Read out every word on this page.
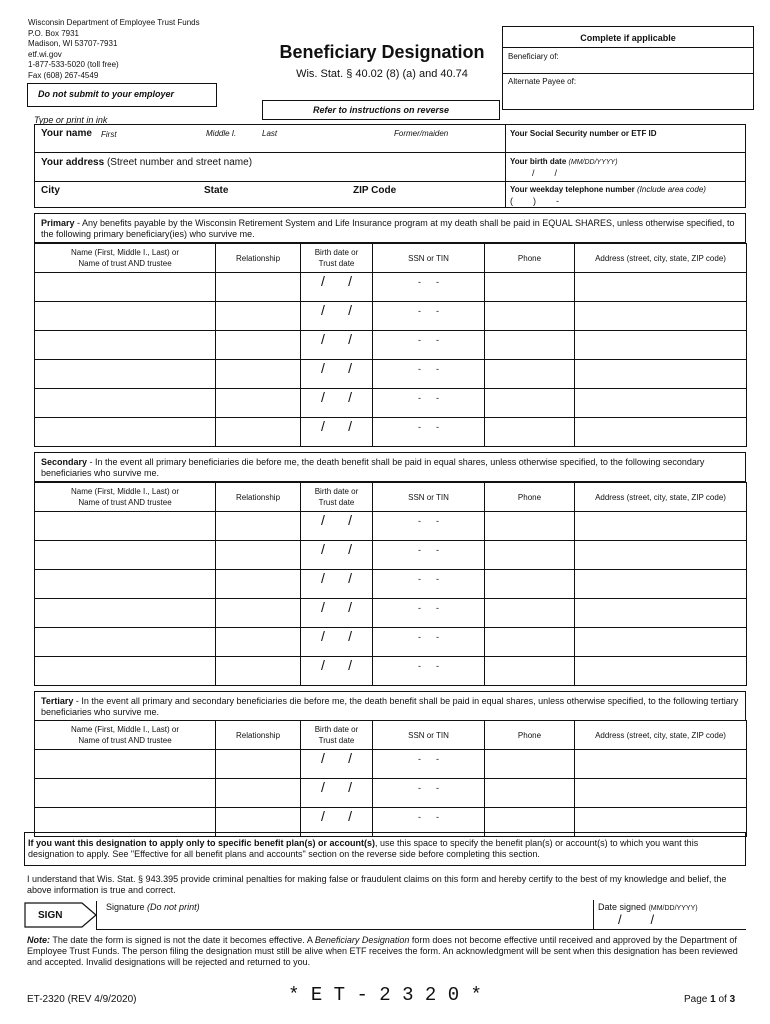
Wisconsin Department of Employee Trust Funds
P.O. Box 7931
Madison, WI 53707-7931
etf.wi.gov
1-877-533-5020 (toll free)
Fax (608) 267-4549
Beneficiary Designation
Wis. Stat. § 40.02 (8) (a) and 40.74
Do not submit to your employer
Refer to instructions on reverse
Type or print in ink
Complete if applicable
Beneficiary of:
Alternate Payee of:
Your name First	Middle I.	Last	Former/maiden	Your Social Security number or ETF ID
Your address (Street number and street name)	Your birth date (MM/DD/YYYY)
/        /
City	State	ZIP Code	Your weekday telephone number (Include area code)
(        )        -
Primary - Any benefits payable by the Wisconsin Retirement System and Life Insurance program at my death shall be paid in EQUAL SHARES, unless otherwise specified, to the following primary beneficiary(ies) who survive me.
Name (First, Middle I., Last) or
Name of trust AND trustee	Relationship	Birth date or
Trust date	SSN or TIN	Phone	Address (street, city, state, ZIP code)
		/      /	-      -		

		/      /	-      -		

		/      /	-      -		

		/      /	-      -		

		/      /	-      -		

		/      /	-      -		

Secondary - In the event all primary beneficiaries die before me, the death benefit shall be paid in equal shares, unless otherwise specified, to the following secondary beneficiaries who survive me.
Name (First, Middle I., Last) or
Name of trust AND trustee	Relationship	Birth date or
Trust date	SSN or TIN	Phone	Address (street, city, state, ZIP code)
		/      /	-      -		

		/      /	-      -		

		/      /	-      -		

		/      /	-      -		

		/      /	-      -		

		/      /	-      -		

Tertiary - In the event all primary and secondary beneficiaries die before me, the death benefit shall be paid in equal shares, unless otherwise specified, to the following tertiary beneficiaries who survive me.
Name (First, Middle I., Last) or
Name of trust AND trustee	Relationship	Birth date or
Trust date	SSN or TIN	Phone	Address (street, city, state, ZIP code)
		/      /	-      -		

		/      /	-      -		

		/      /	-      -		

If you want this designation to apply only to specific benefit plan(s) or account(s), use this space to specify the benefit plan(s) or account(s) to which you want this designation to apply. See "Effective for all benefit plans and accounts" section on the reverse side before completing this section.
I understand that Wis. Stat. § 943.395 provide criminal penalties for making false or fraudulent claims on this form and hereby certify to the best of my knowledge and belief, the above information is true and correct.
SIGN
Signature (Do not print)	Date signed (MM/DD/YYYY)
/        /
Note: The date the form is signed is not the date it becomes effective. A Beneficiary Designation form does not become effective until received and approved by the Department of Employee Trust Funds. The person filing the designation must still be alive when ETF receives the form. An acknowledgment will be sent when this designation has been reviewed and accepted. Invalid designations will be rejected and returned to you.
ET-2320 (REV 4/9/2020)	* E T - 2 3 2 0 *	Page 1 of 3
